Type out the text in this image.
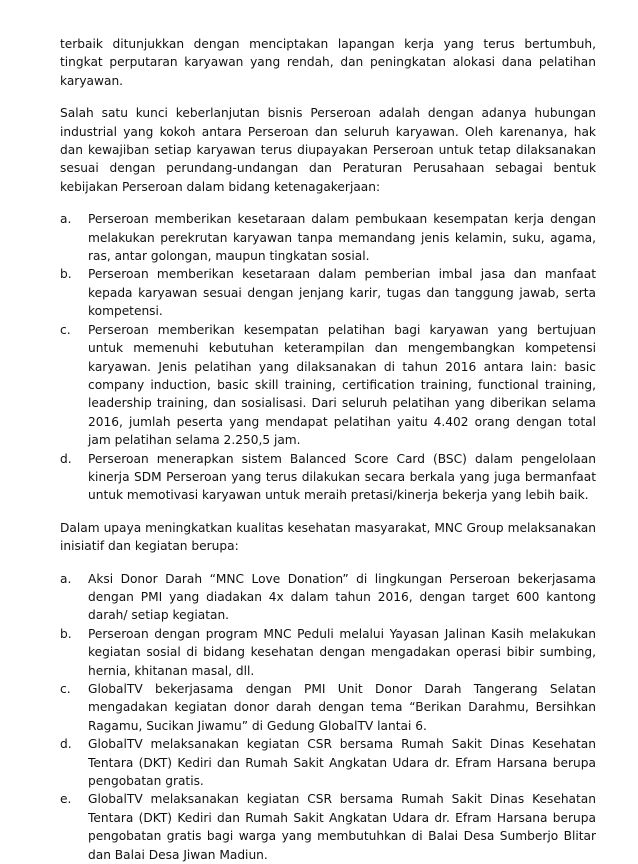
terbaik ditunjukkan dengan menciptakan lapangan kerja yang terus bertumbuh, tingkat perputaran karyawan yang rendah, dan peningkatan alokasi dana pelatihan karyawan.

Salah satu kunci keberlanjutan bisnis Perseroan adalah dengan adanya hubungan industrial yang kokoh antara Perseroan dan seluruh karyawan. Oleh karenanya, hak dan kewajiban setiap karyawan terus diupayakan Perseroan untuk tetap dilaksanakan sesuai dengan perundang-undangan dan Peraturan Perusahaan sebagai bentuk kebijakan Perseroan dalam bidang ketenagakerjaan:

a.	Perseroan memberikan kesetaraan dalam pembukaan kesempatan kerja dengan melakukan perekrutan karyawan tanpa memandang jenis kelamin, suku, agama, ras, antar golongan, maupun tingkatan sosial.
b.	Perseroan memberikan kesetaraan dalam pemberian imbal jasa dan manfaat kepada karyawan sesuai dengan jenjang karir, tugas dan tanggung jawab, serta kompetensi.
c.	Perseroan memberikan kesempatan pelatihan bagi karyawan yang bertujuan untuk memenuhi kebutuhan keterampilan dan mengembangkan kompetensi karyawan. Jenis pelatihan yang dilaksanakan di tahun 2016 antara lain: basic company induction, basic skill training, certification training, functional training, leadership training, dan sosialisasi. Dari seluruh pelatihan yang diberikan selama 2016, jumlah peserta yang mendapat pelatihan yaitu 4.402 orang dengan total jam pelatihan selama 2.250,5 jam.
d.	Perseroan menerapkan sistem Balanced Score Card (BSC) dalam pengelolaan kinerja SDM Perseroan yang terus dilakukan secara berkala yang juga bermanfaat untuk memotivasi karyawan untuk meraih pretasi/kinerja bekerja yang lebih baik.

Dalam upaya meningkatkan kualitas kesehatan masyarakat, MNC Group melaksanakan inisiatif dan kegiatan berupa:

a.	Aksi Donor Darah “MNC Love Donation” di lingkungan Perseroan bekerjasama dengan PMI yang diadakan 4x dalam tahun 2016, dengan target 600 kantong darah/ setiap kegiatan.
b.	Perseroan dengan program MNC Peduli melalui Yayasan Jalinan Kasih melakukan kegiatan sosial di bidang kesehatan dengan mengadakan operasi bibir sumbing, hernia, khitanan masal, dll.
c.	GlobalTV bekerjasama dengan PMI Unit Donor Darah Tangerang Selatan mengadakan kegiatan donor darah dengan tema “Berikan Darahmu, Bersihkan Ragamu, Sucikan Jiwamu” di Gedung GlobalTV lantai 6.
d.	GlobalTV melaksanakan kegiatan CSR bersama Rumah Sakit Dinas Kesehatan Tentara (DKT) Kediri dan Rumah Sakit Angkatan Udara dr. Efram Harsana berupa pengobatan gratis.
e.	GlobalTV melaksanakan kegiatan CSR bersama Rumah Sakit Dinas Kesehatan Tentara (DKT) Kediri dan Rumah Sakit Angkatan Udara dr. Efram Harsana berupa pengobatan gratis bagi warga yang membutuhkan di Balai Desa Sumberjo Blitar dan Balai Desa Jiwan Madiun.
